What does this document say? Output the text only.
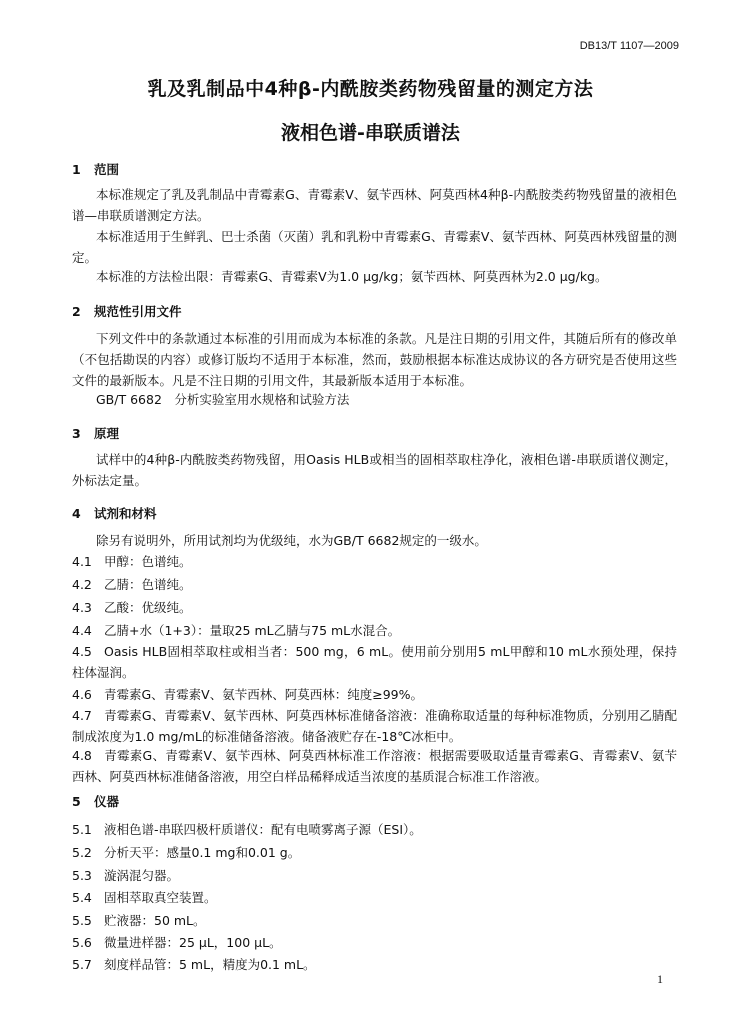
DB13/T 1107—2009
乳及乳制品中4种β-内酰胺类药物残留量的测定方法
液相色谱-串联质谱法
1 范围
本标准规定了乳及乳制品中青霉素G、青霉素V、氨苄西林、阿莫西林4种β-内酰胺类药物残留量的液相色谱—串联质谱测定方法。
本标准适用于生鲜乳、巴士杀菌（灭菌）乳和乳粉中青霉素G、青霉素V、氨苄西林、阿莫西林残留量的测定。
本标准的方法检出限：青霉素G、青霉素V为1.0 μg/kg；氨苄西林、阿莫西林为2.0 μg/kg。
2 规范性引用文件
下列文件中的条款通过本标准的引用而成为本标准的条款。凡是注日期的引用文件，其随后所有的修改单（不包括勘误的内容）或修订版均不适用于本标准，然而，鼓励根据本标准达成协议的各方研究是否使用这些文件的最新版本。凡是不注日期的引用文件，其最新版本适用于本标准。
GB/T 6682　分析实验室用水规格和试验方法
3 原理
试样中的4种β-内酰胺类药物残留，用Oasis HLB或相当的固相萃取柱净化，液相色谱-串联质谱仪测定，外标法定量。
4 试剂和材料
除另有说明外，所用试剂均为优级纯，水为GB/T 6682规定的一级水。
4.1 甲醇：色谱纯。
4.2 乙腈：色谱纯。
4.3 乙酸：优级纯。
4.4 乙腈+水（1+3）：量取25 mL乙腈与75 mL水混合。
4.5 Oasis HLB固相萃取柱或相当者：500 mg，6 mL。使用前分别用5 mL甲醇和10 mL水预处理，保持柱体湿润。
4.6 青霉素G、青霉素V、氨苄西林、阿莫西林：纯度≥99%。
4.7 青霉素G、青霉素V、氨苄西林、阿莫西林标准储备溶液：准确称取适量的每种标准物质，分别用乙腈配制成浓度为1.0 mg/mL的标准储备溶液。储备液贮存在-18℃冰柜中。
4.8 青霉素G、青霉素V、氨苄西林、阿莫西林标准工作溶液：根据需要吸取适量青霉素G、青霉素V、氨苄西林、阿莫西林标准储备溶液，用空白样品稀释成适当浓度的基质混合标准工作溶液。
5 仪器
5.1 液相色谱-串联四极杆质谱仪：配有电喷雾离子源（ESI）。
5.2 分析天平：感量0.1 mg和0.01 g。
5.3 漩涡混匀器。
5.4 固相萃取真空装置。
5.5 贮液器：50 mL。
5.6 微量进样器：25 μL，100 μL。
5.7 刻度样品管：5 mL，精度为0.1 mL。
1
